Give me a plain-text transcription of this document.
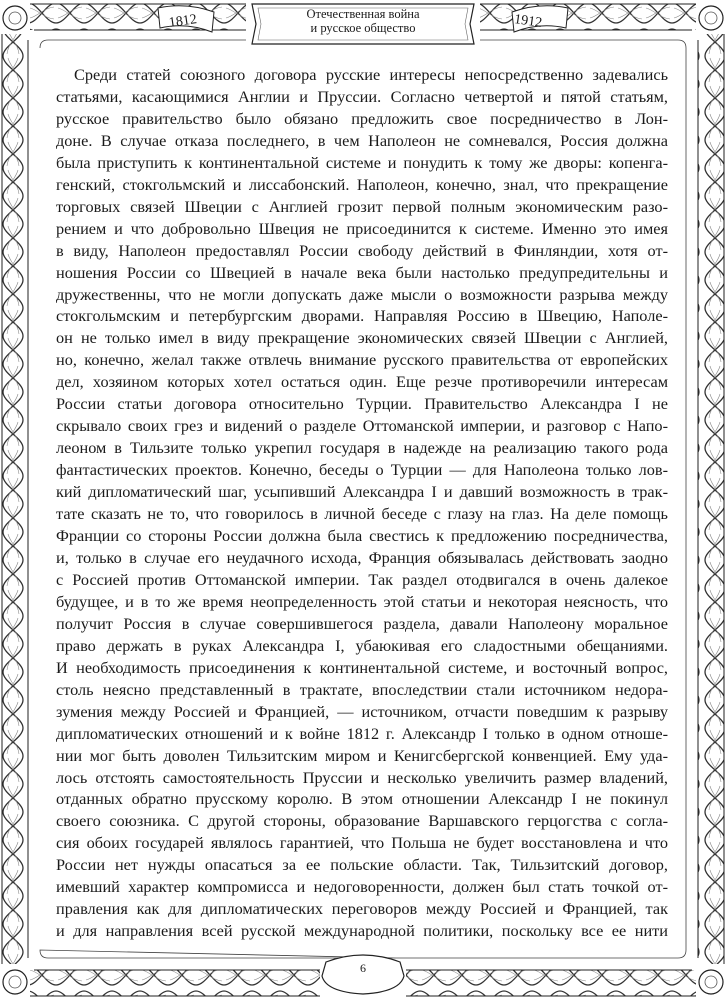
Отечественная война
и русское общество
1812	1912
Среди статей союзного договора русские интересы непосредственно задевались
статьями, касающимися Англии и Пруссии. Согласно четвертой и пятой статьям,
русское правительство было обязано предложить свое посредничество в Лон-
доне. В случае отказа последнего, в чем Наполеон не сомневался, Россия должна
была приступить к континентальной системе и понудить к тому же дворы: копенга-
генский, стокгольмский и лиссабонский. Наполеон, конечно, знал, что прекращение
торговых связей Швеции с Англией грозит первой полным экономическим разо-
рением и что добровольно Швеция не присоединится к системе. Именно это имея
в виду, Наполеон предоставлял России свободу действий в Финляндии, хотя от-
ношения России со Швецией в начале века были настолько предупредительны и
дружественны, что не могли допускать даже мысли о возможности разрыва между
стокгольмским и петербургским дворами. Направляя Россию в Швецию, Наполе-
он не только имел в виду прекращение экономических связей Швеции с Англией,
но, конечно, желал также отвлечь внимание русского правительства от европейских
дел, хозяином которых хотел остаться один. Еще резче противоречили интересам
России статьи договора относительно Турции. Правительство Александра I не
скрывало своих грез и видений о разделе Оттоманской империи, и разговор с Напо-
леоном в Тильзите только укрепил государя в надежде на реализацию такого рода
фантастических проектов. Конечно, беседы о Турции — для Наполеона только лов-
кий дипломатический шаг, усыпивший Александра I и давший возможность в трак-
тате сказать не то, что говорилось в личной беседе с глазу на глаз. На деле помощь
Франции со стороны России должна была свестись к предложению посредничества,
и, только в случае его неудачного исхода, Франция обязывалась действовать заодно
с Россией против Оттоманской империи. Так раздел отодвигался в очень далекое
будущее, и в то же время неопределенность этой статьи и некоторая неясность, что
получит Россия в случае совершившегося раздела, давали Наполеону моральное
право держать в руках Александра I, убаюкивая его сладостными обещаниями.
И необходимость присоединения к континентальной системе, и восточный вопрос,
столь неясно представленный в трактате, впоследствии стали источником недора-
зумения между Россией и Францией, — источником, отчасти поведшим к разрыву
дипломатических отношений и к войне 1812 г. Александр I только в одном отноше-
нии мог быть доволен Тильзитским миром и Кенигсбергской конвенцией. Ему уда-
лось отстоять самостоятельность Пруссии и несколько увеличить размер владений,
отданных обратно прусскому королю. В этом отношении Александр I не покинул
своего союзника. С другой стороны, образование Варшавского герцогства с согла-
сия обоих государей являлось гарантией, что Польша не будет восстановлена и что
России нет нужды опасаться за ее польские области. Так, Тильзитский договор,
имевший характер компромисса и недоговоренности, должен был стать точкой от-
правления как для дипломатических переговоров между Россией и Францией, так
и для направления всей русской международной политики, поскольку все ее нити
6
